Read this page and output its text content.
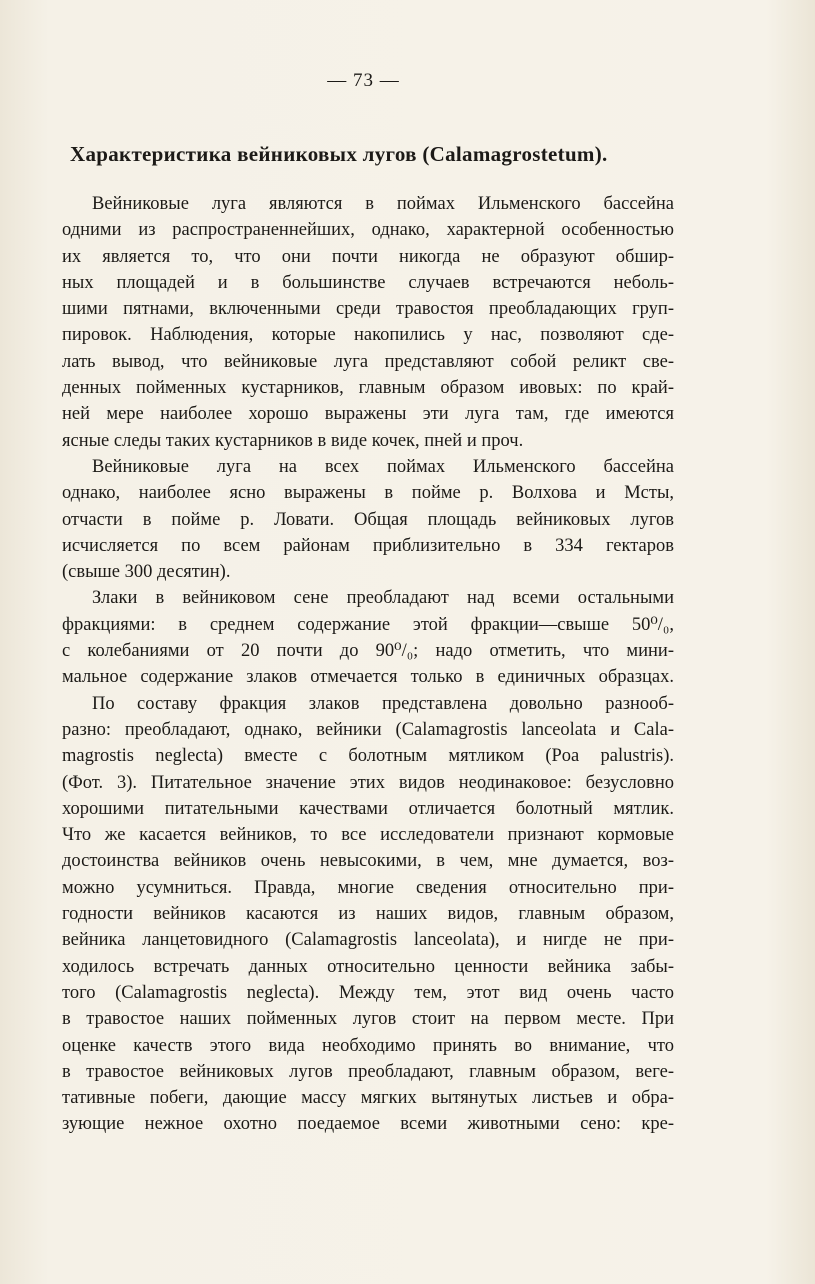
— 73 —
Характеристика вейниковых лугов (Calamagrostetum).
Вейниковые луга являются в поймах Ильменского бассейна
одними из распространеннейших, однако, характерной особенностью
их является то, что они почти никогда не образуют обшир-
ных площадей и в большинстве случаев встречаются неболь-
шими пятнами, включенными среди травостоя преобладающих груп-
пировок. Наблюдения, которые накопились у нас, позволяют сде-
лать вывод, что вейниковые луга представляют собой реликт све-
денных пойменных кустарников, главным образом ивовых: по край-
ней мере наиболее хорошо выражены эти луга там, где имеются
ясные следы таких кустарников в виде кочек, пней и проч.
Вейниковые луга на всех поймах Ильменского бассейна
однако, наиболее ясно выражены в пойме р. Волхова и Мсты,
отчасти в пойме р. Ловати. Общая площадь вейниковых лугов
исчисляется по всем районам приблизительно в 334 гектаров
(свыше 300 десятин).
Злаки в вейниковом сене преобладают над всеми остальными
фракциями: в среднем содержание этой фракции—свыше 50⁰/₀,
с колебаниями от 20 почти до 90⁰/₀; надо отметить, что мини-
мальное содержание злаков отмечается только в единичных образцах.
По составу фракция злаков представлена довольно разнооб-
разно: преобладают, однако, вейники (Calamagrostis lanceolata и Cala-
magrostis neglecta) вместе с болотным мятликом (Poa palustris).
(Фот. 3). Питательное значение этих видов неодинаковое: безусловно
хорошими питательными качествами отличается болотный мятлик.
Что же касается вейников, то все исследователи признают кормовые
достоинства вейников очень невысокими, в чем, мне думается, воз-
можно усумниться. Правда, многие сведения относительно при-
годности вейников касаются из наших видов, главным образом,
вейника ланцетовидного (Calamagrostis lanceolata), и нигде не при-
ходилось встречать данных относительно ценности вейника забы-
того (Calamagrostis neglecta). Между тем, этот вид очень часто
в травостое наших пойменных лугов стоит на первом месте. При
оценке качеств этого вида необходимо принять во внимание, что
в травостое вейниковых лугов преобладают, главным образом, веге-
тативные побеги, дающие массу мягких вытянутых листьев и обра-
зующие нежное охотно поедаемое всеми животными сено: кре-
